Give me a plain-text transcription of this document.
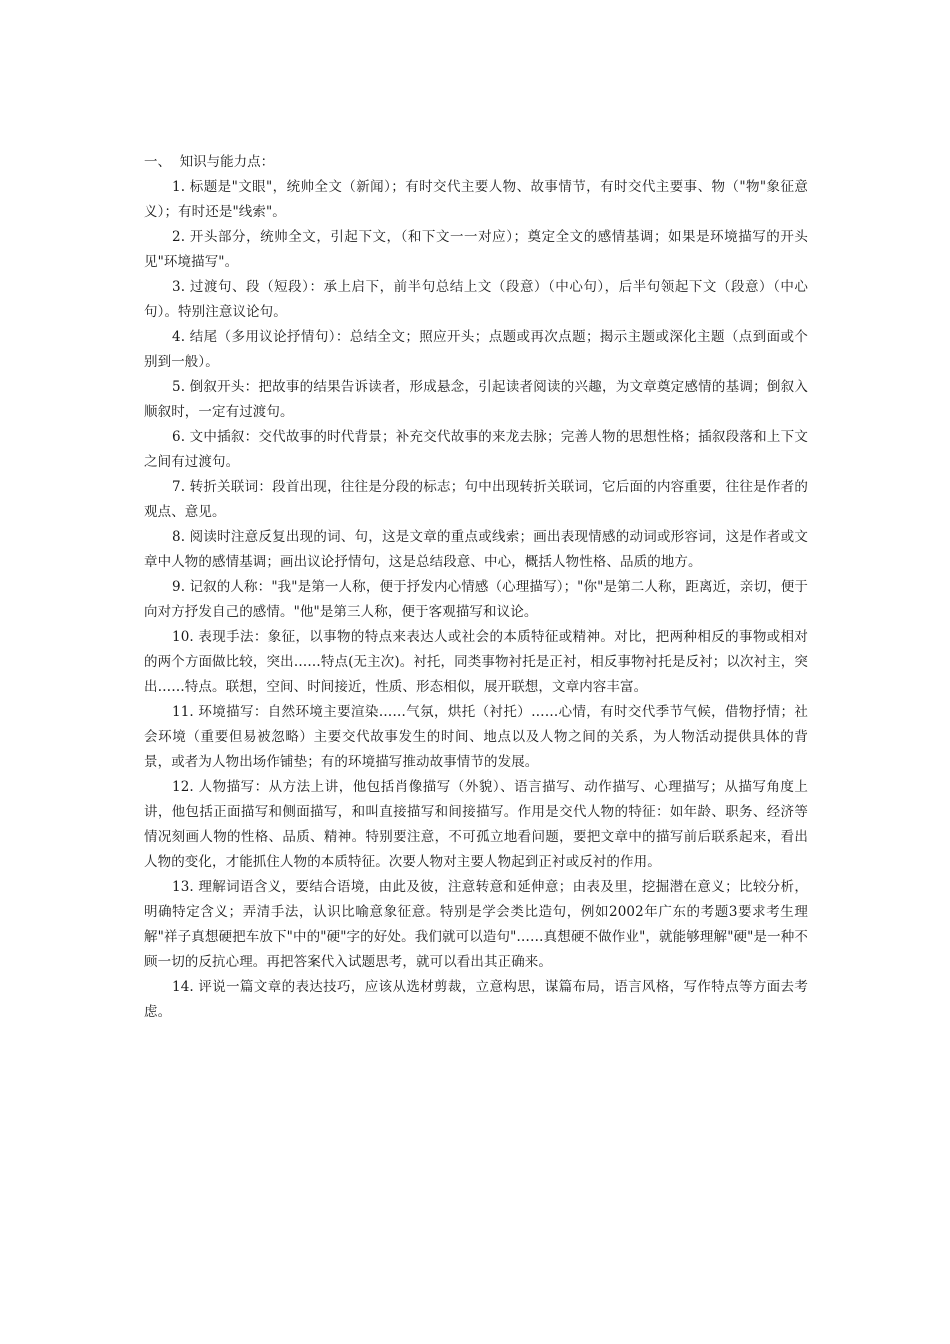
一、  知识与能力点：

1. 标题是"文眼"，统帅全文（新闻）；有时交代主要人物、故事情节，有时交代主要事、物（"物"象征意义）；有时还是"线索"。

2. 开头部分，统帅全文，引起下文，（和下文一一对应）；奠定全文的感情基调；如果是环境描写的开头见"环境描写"。

3. 过渡句、段（短段）：承上启下，前半句总结上文（段意）（中心句），后半句领起下文（段意）（中心句）。特别注意议论句。

4. 结尾（多用议论抒情句）：总结全文；照应开头；点题或再次点题；揭示主题或深化主题（点到面或个别到一般）。

5. 倒叙开头：把故事的结果告诉读者，形成悬念，引起读者阅读的兴趣，为文章奠定感情的基调；倒叙入顺叙时，一定有过渡句。

6. 文中插叙：交代故事的时代背景；补充交代故事的来龙去脉；完善人物的思想性格；插叙段落和上下文之间有过渡句。

7. 转折关联词：段首出现，往往是分段的标志；句中出现转折关联词，它后面的内容重要，往往是作者的观点、意见。

8. 阅读时注意反复出现的词、句，这是文章的重点或线索；画出表现情感的动词或形容词，这是作者或文章中人物的感情基调；画出议论抒情句，这是总结段意、中心，概括人物性格、品质的地方。

9. 记叙的人称："我"是第一人称，便于抒发内心情感（心理描写）；"你"是第二人称，距离近，亲切，便于向对方抒发自己的感情。"他"是第三人称，便于客观描写和议论。

10. 表现手法：象征，以事物的特点来表达人或社会的本质特征或精神。对比，把两种相反的事物或相对的两个方面做比较，突出……特点(无主次)。衬托，同类事物衬托是正衬，相反事物衬托是反衬；以次衬主，突出……特点。联想，空间、时间接近，性质、形态相似，展开联想，文章内容丰富。

11. 环境描写：自然环境主要渲染……气氛，烘托（衬托）……心情，有时交代季节气候，借物抒情；社会环境（重要但易被忽略）主要交代故事发生的时间、地点以及人物之间的关系，为人物活动提供具体的背景，或者为人物出场作铺垫；有的环境描写推动故事情节的发展。

12. 人物描写：从方法上讲，他包括肖像描写（外貌）、语言描写、动作描写、心理描写；从描写角度上讲，他包括正面描写和侧面描写，和叫直接描写和间接描写。作用是交代人物的特征：如年龄、职务、经济等情况刻画人物的性格、品质、精神。特别要注意，不可孤立地看问题，要把文章中的描写前后联系起来，看出人物的变化，才能抓住人物的本质特征。次要人物对主要人物起到正衬或反衬的作用。

13. 理解词语含义，要结合语境，由此及彼，注意转意和延伸意；由表及里，挖掘潜在意义；比较分析，明确特定含义；弄清手法，认识比喻意象征意。特别是学会类比造句，例如2002年广东的考题3要求考生理解"祥子真想硬把车放下"中的"硬"字的好处。我们就可以造句"……真想硬不做作业"，就能够理解"硬"是一种不顾一切的反抗心理。再把答案代入试题思考，就可以看出其正确来。

14. 评说一篇文章的表达技巧，应该从选材剪裁，立意构思，谋篇布局，语言风格，写作特点等方面去考虑。
